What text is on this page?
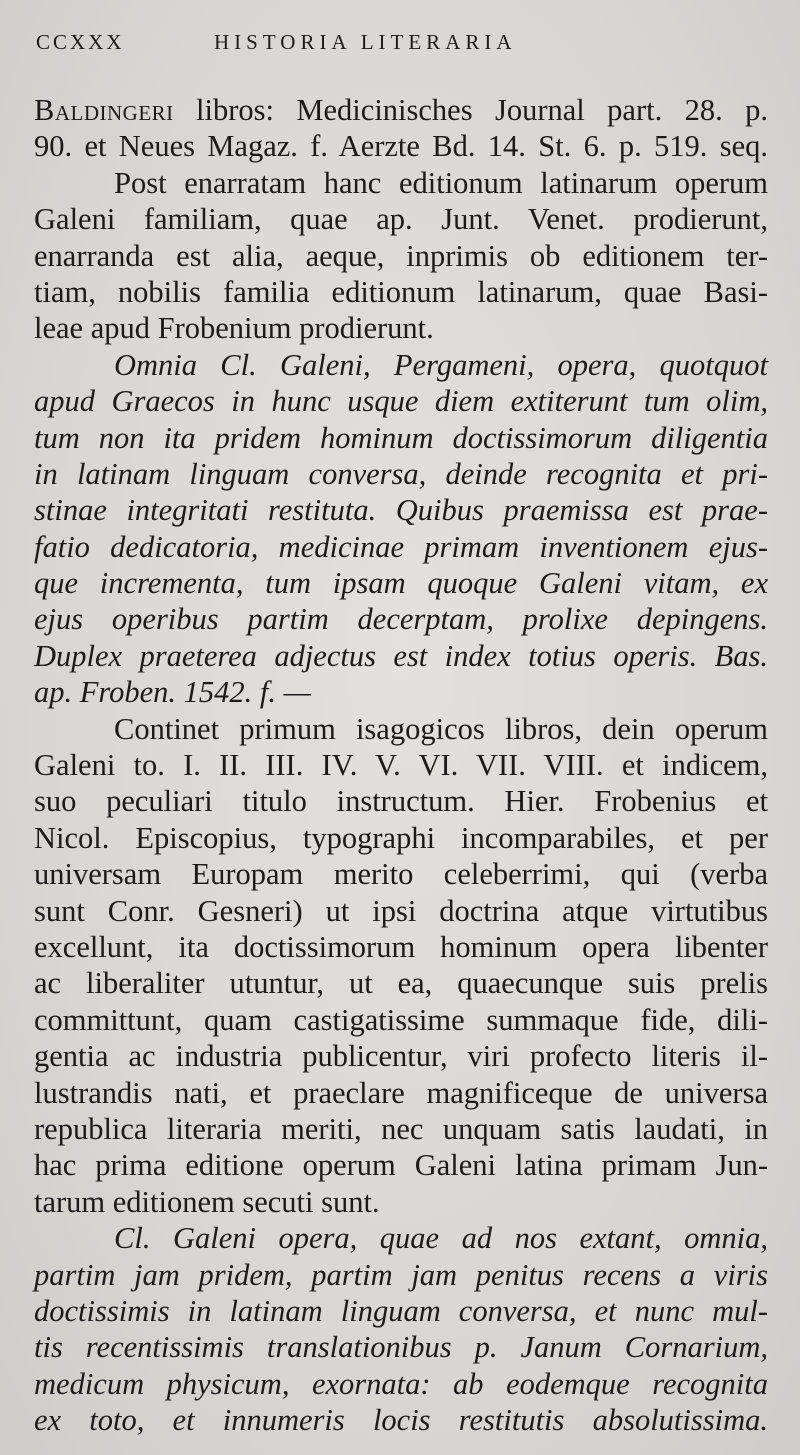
CCXXX	HISTORIA LITERARIA
Baldingeri libros: Medicinisches Journal part. 28. p.
90. et Neues Magaz. f. Aerzte Bd. 14. St. 6. p. 519. seq.
Post enarratam hanc editionum latinarum operum
Galeni familiam, quae ap. Junt. Venet. prodierunt,
enarranda est alia, aeque, inprimis ob editionem ter-
tiam, nobilis familia editionum latinarum, quae Basi-
leae apud Frobenium prodierunt.
Omnia Cl. Galeni, Pergameni, opera, quotquot
apud Graecos in hunc usque diem extiterunt tum olim,
tum non ita pridem hominum doctissimorum diligentia
in latinam linguam conversa, deinde recognita et pri-
stinae integritati restituta. Quibus praemissa est prae-
fatio dedicatoria, medicinae primam inventionem ejus-
que incrementa, tum ipsam quoque Galeni vitam, ex
ejus operibus partim decerptam, prolixe depingens.
Duplex praeterea adjectus est index totius operis. Bas.
ap. Froben. 1542. f. —
Continet primum isagogicos libros, dein operum
Galeni to. I. II. III. IV. V. VI. VII. VIII. et indicem,
suo peculiari titulo instructum. Hier. Frobenius et
Nicol. Episcopius, typographi incomparabiles, et per
universam Europam merito celeberrimi, qui (verba
sunt Conr. Gesneri) ut ipsi doctrina atque virtutibus
excellunt, ita doctissimorum hominum opera libenter
ac liberaliter utuntur, ut ea, quaecunque suis prelis
committunt, quam castigatissime summaque fide, dili-
gentia ac industria publicentur, viri profecto literis il-
lustrandis nati, et praeclare magnificeque de universa
republica literaria meriti, nec unquam satis laudati, in
hac prima editione operum Galeni latina primam Jun-
tarum editionem secuti sunt.
Cl. Galeni opera, quae ad nos extant, omnia,
partim jam pridem, partim jam penitus recens a viris
doctissimis in latinam linguam conversa, et nunc mul-
tis recentissimis translationibus p. Janum Cornarium,
medicum physicum, exornata: ab eodemque recognita
ex toto, et innumeris locis restitutis absolutissima.
